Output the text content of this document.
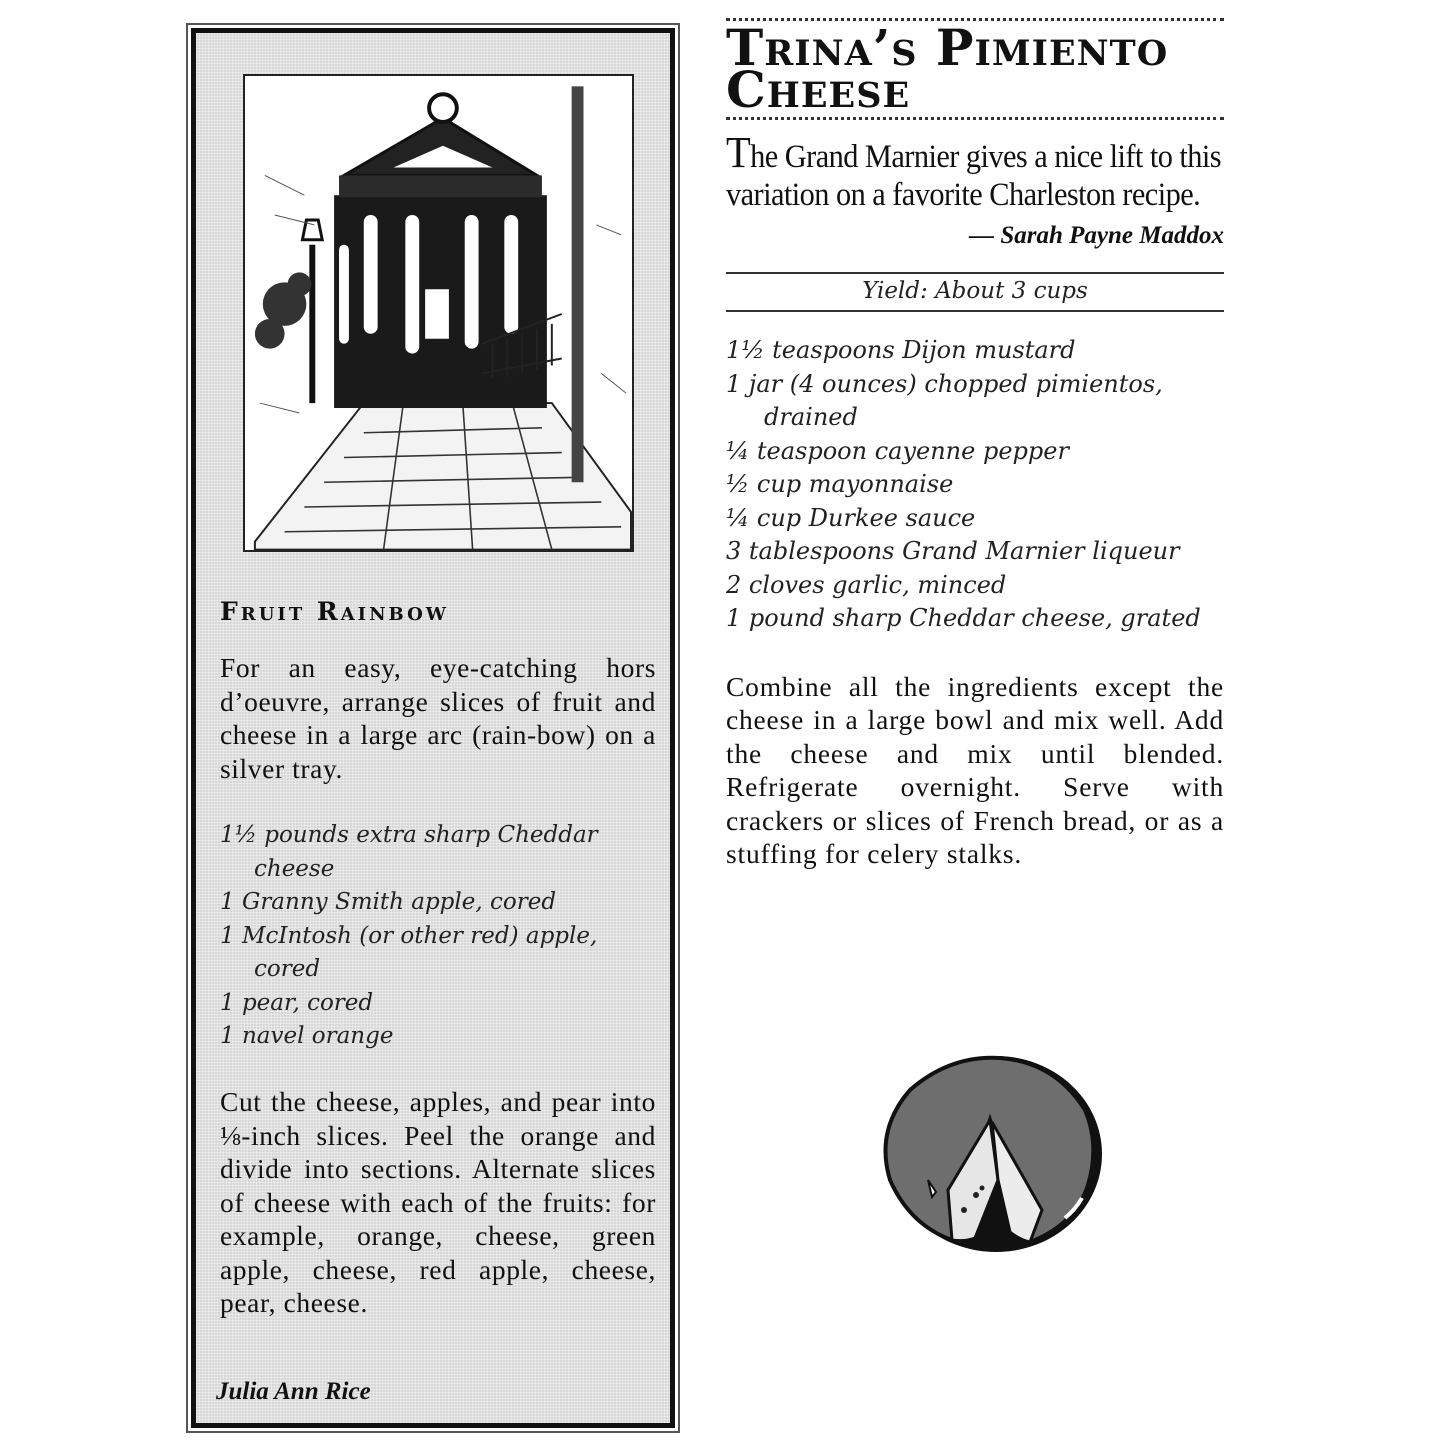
Fruit Rainbow

For an easy, eye-catching hors d’oeuvre, arrange slices of fruit and cheese in a large arc (rain-bow) on a silver tray.

1½ pounds extra sharp Cheddar cheese
1 Granny Smith apple, cored
1 McIntosh (or other red) apple, cored
1 pear, cored
1 navel orange

Cut the cheese, apples, and pear into ⅛-inch slices. Peel the orange and divide into sections. Alternate slices of cheese with each of the fruits: for example, orange, cheese, green apple, cheese, red apple, cheese, pear, cheese.

Julia Ann Rice

Trina’s Pimiento
Cheese

The Grand Marnier gives a nice lift to this variation on a favorite Charleston recipe.

— Sarah Payne Maddox

Yield: About 3 cups

1½ teaspoons Dijon mustard
1 jar (4 ounces) chopped pimientos, drained
¼ teaspoon cayenne pepper
½ cup mayonnaise
¼ cup Durkee sauce
3 tablespoons Grand Marnier liqueur
2 cloves garlic, minced
1 pound sharp Cheddar cheese, grated

Combine all the ingredients except the cheese in a large bowl and mix well. Add the cheese and mix until blended. Refrigerate overnight. Serve with crackers or slices of French bread, or as a stuffing for celery stalks.
